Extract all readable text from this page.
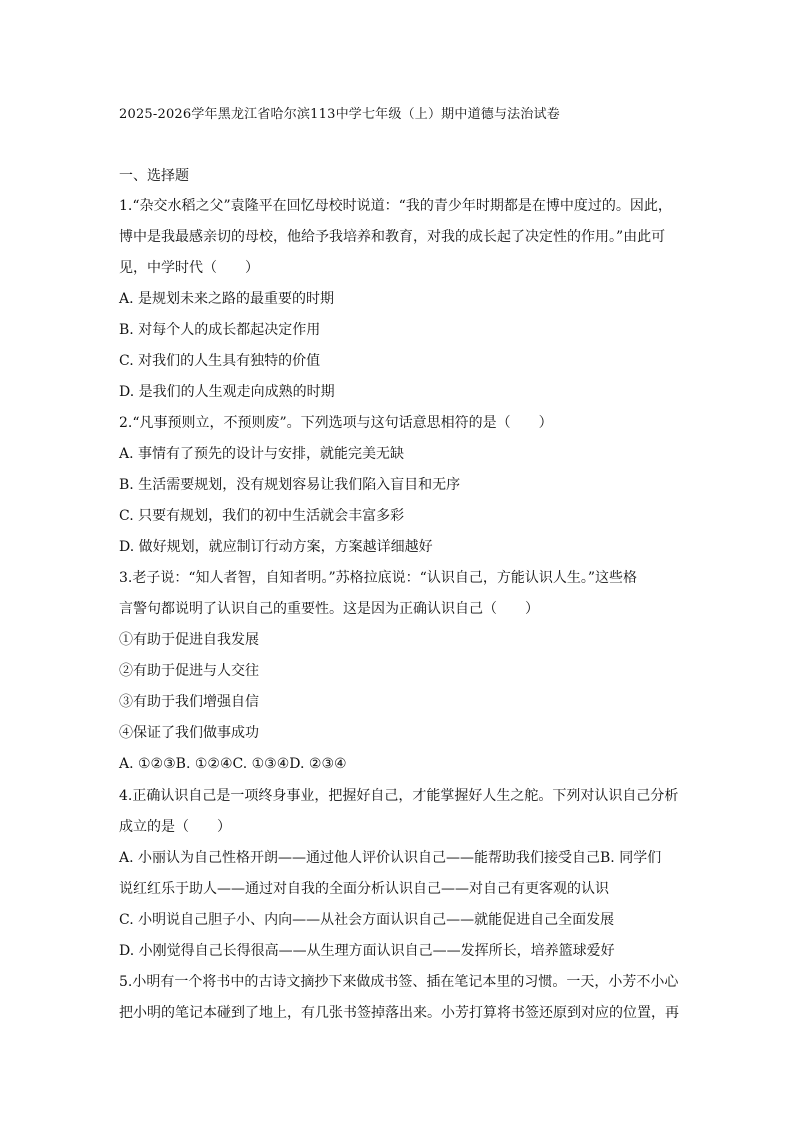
2025-2026学年黑龙江省哈尔滨113中学七年级（上）期中道德与法治试卷
一、选择题
1.“杂交水稻之父”袁隆平在回忆母校时说道：“我的青少年时期都是在博中度过的。因此，
博中是我最感亲切的母校，他给予我培养和教育，对我的成长起了决定性的作用。”由此可
见，中学时代（　　）
A. 是规划未来之路的最重要的时期
B. 对每个人的成长都起决定作用
C. 对我们的人生具有独特的价值
D. 是我们的人生观走向成熟的时期
2.“凡事预则立，不预则废”。下列选项与这句话意思相符的是（　　）
A. 事情有了预先的设计与安排，就能完美无缺
B. 生活需要规划，没有规划容易让我们陷入盲目和无序
C. 只要有规划，我们的初中生活就会丰富多彩
D. 做好规划，就应制订行动方案，方案越详细越好
3.老子说：“知人者智，自知者明。”苏格拉底说：“认识自己，方能认识人生。”这些格
言警句都说明了认识自己的重要性。这是因为正确认识自己（　　）
①有助于促进自我发展
②有助于促进与人交往
③有助于我们增强自信
④保证了我们做事成功
A. ①②③B. ①②④C. ①③④D. ②③④
4.正确认识自己是一项终身事业，把握好自己，才能掌握好人生之舵。下列对认识自己分析
成立的是（　　）
A. 小丽认为自己性格开朗——通过他人评价认识自己——能帮助我们接受自己B. 同学们
说红红乐于助人——通过对自我的全面分析认识自己——对自己有更客观的认识
C. 小明说自己胆子小、内向——从社会方面认识自己——就能促进自己全面发展
D. 小刚觉得自己长得很高——从生理方面认识自己——发挥所长，培养篮球爱好
5.小明有一个将书中的古诗文摘抄下来做成书签、插在笔记本里的习惯。一天，小芳不小心
把小明的笔记本碰到了地上，有几张书签掉落出来。小芳打算将书签还原到对应的位置，再
